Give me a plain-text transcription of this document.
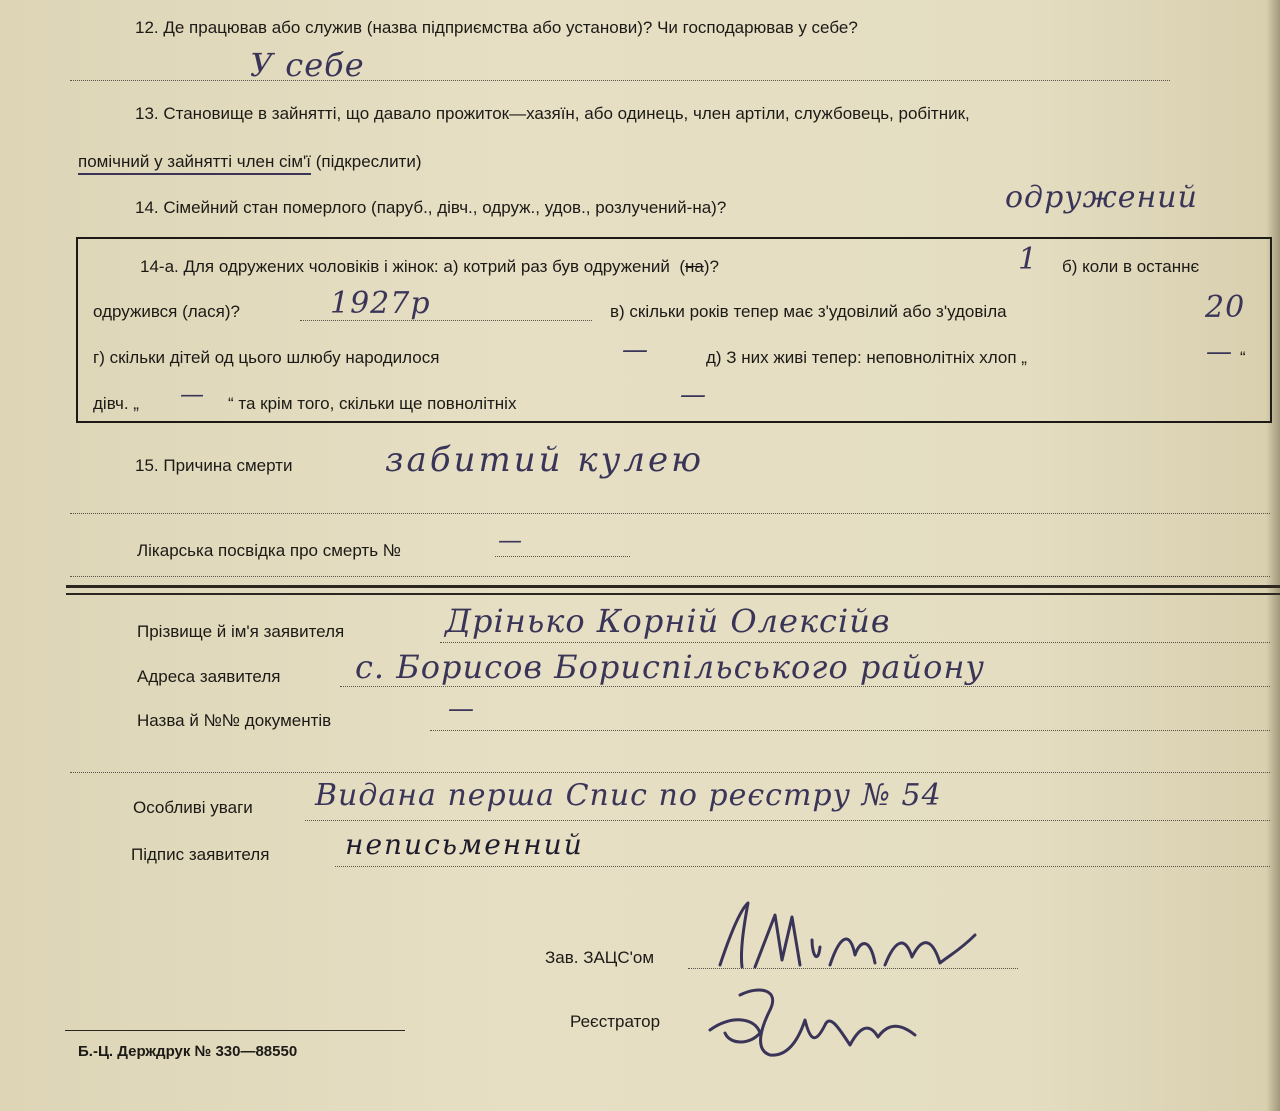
12. Де працював або служив (назва підприємства або установи)? Чи господарював у себе?
У себе
13. Становище в зайнятті, що давало прожиток—хазяїн, або одинець, член артіли, службовець, робітник,
помічний у зайнятті член сім'ї (підкреслити)
14. Сімейний стан померлого (паруб., дівч., одруж., удов., розлучений-на)?	одружений
14-а. Для одружених чоловіків і жінок: а) котрий раз був одружений  (на)?	1 б) коли в останнє
одружився (лася)?	1927р	в) скільки років тепер має з'удовілий або з'удовіла	20
г) скільки дітей од цього шлюбу народилося	—	д) З них живі тепер: неповнолітніх хлоп „	— “
дівч. „ — “ та крім того, скільки ще повнолітніх	—
15. Причина смерти	забитий кулею
Лікарська посвідка про смерть №	—
Прізвище й ім'я заявителя	Дрінько Корній Олексійв
Адреса заявителя с. Борисов Бориспільського району
Назва й №№ документів	—
Особливі уваги Видана перша Спис по реєстру № 54
Підпис заявителя	неписьменний
Зав. ЗАЦС'ом
Реєстратор
Б.-Ц. Держдрук № 330—88550
